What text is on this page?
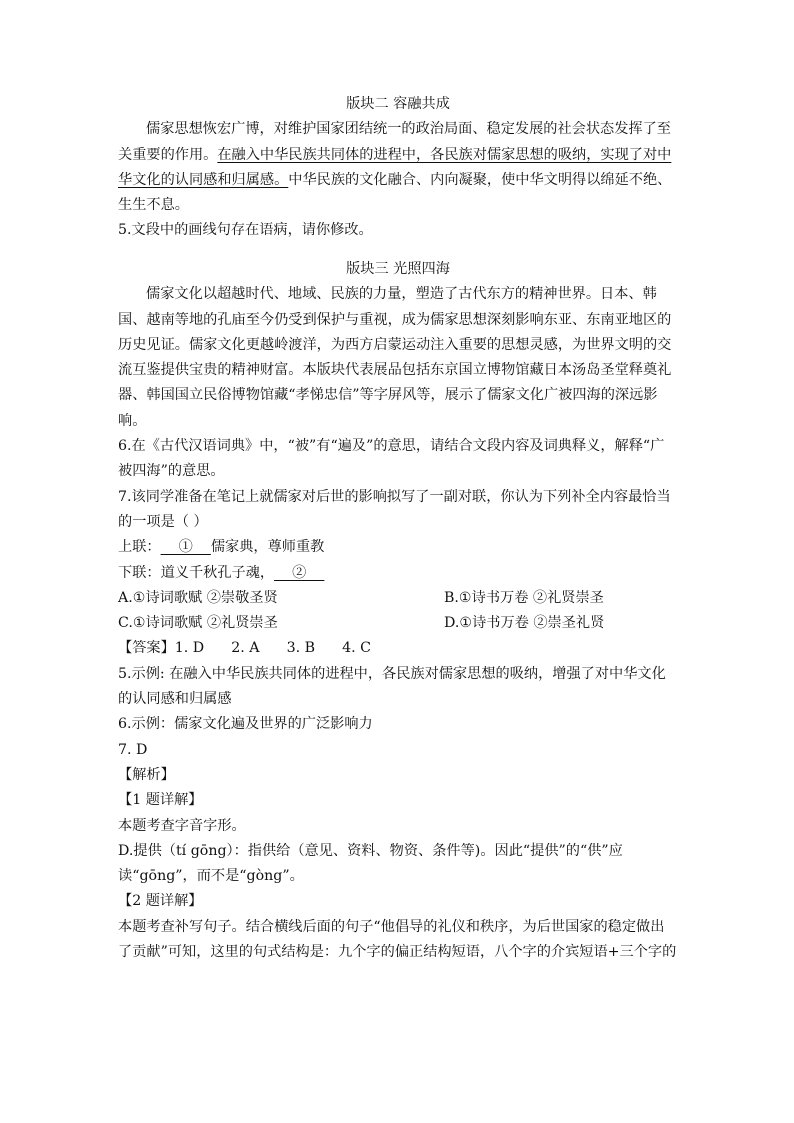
版块二 容融共成

儒家思想恢宏广博，对维护国家团结统一的政治局面、稳定发展的社会状态发挥了至关重要的作用。在融入中华民族共同体的进程中，各民族对儒家思想的吸纳，实现了对中华文化的认同感和归属感。中华民族的文化融合、内向凝聚，使中华文明得以绵延不绝、生生不息。

5.文段中的画线句存在语病，请你修改。

版块三 光照四海

儒家文化以超越时代、地域、民族的力量，塑造了古代东方的精神世界。日本、韩国、越南等地的孔庙至今仍受到保护与重视，成为儒家思想深刻影响东亚、东南亚地区的历史见证。儒家文化更越岭渡洋，为西方启蒙运动注入重要的思想灵感，为世界文明的交流互鉴提供宝贵的精神财富。本版块代表展品包括东京国立博物馆藏日本汤岛圣堂释奠礼器、韩国国立民俗博物馆藏“孝悌忠信”等字屏风等，展示了儒家文化广被四海的深远影响。

6.在《古代汉语词典》中，“被”有“遍及”的意思，请结合文段内容及词典释义，解释“广被四海”的意思。

7.该同学准备在笔记上就儒家对后世的影响拟写了一副对联，你认为下列补全内容最恰当的一项是（ ）

上联：    ①    儒家典，尊师重教

下联：道义千秋孔子魂，    ②

A.①诗词歌赋 ②崇敬圣贤	B.①诗书万卷 ②礼贤崇圣
C.①诗词歌赋 ②礼贤崇圣	D.①诗书万卷 ②崇圣礼贤

【答案】1. D      2. A      3. B      4. C

5.示例: 在融入中华民族共同体的进程中，各民族对儒家思想的吸纳，增强了对中华文化的认同感和归属感

6.示例：儒家文化遍及世界的广泛影响力

7. D

【解析】

【1 题详解】

本题考查字音字形。

D.提供（tí gōng）：指供给（意见、资料、物资、条件等)。因此“提供”的“供”应读“gōng”，而不是“gòng”。

【2 题详解】

本题考查补写句子。结合横线后面的句子“他倡导的礼仪和秩序，为后世国家的稳定做出了贡献”可知，这里的句式结构是：九个字的偏正结构短语，八个字的介宾短语+三个字的
